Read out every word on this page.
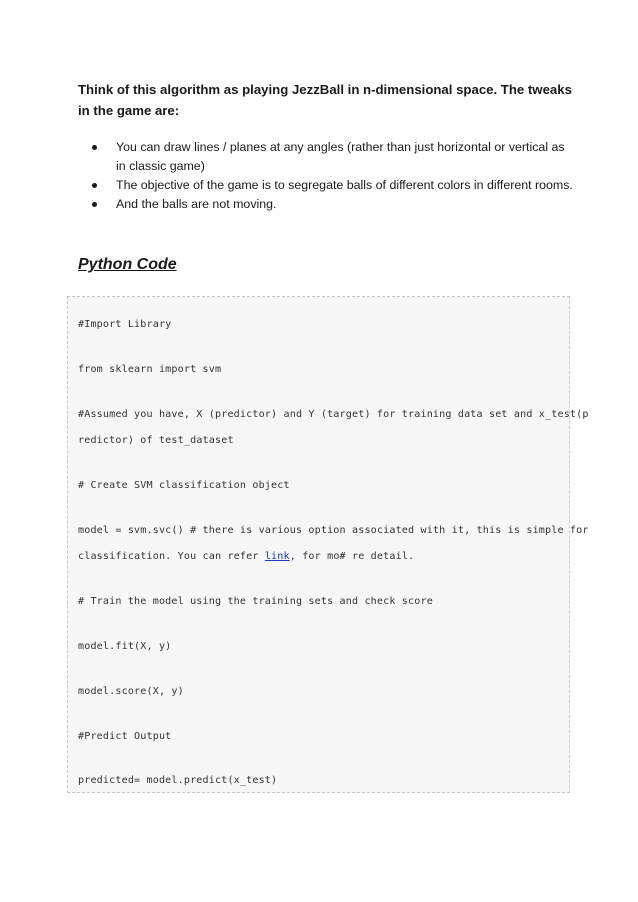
Think of this algorithm as playing JezzBall in n-dimensional space. The tweaks
in the game are:

You can draw lines / planes at any angles (rather than just horizontal or vertical as
in classic game)
The objective of the game is to segregate balls of different colors in different rooms.
And the balls are not moving.
Python Code
#Import Library
from sklearn import svm
#Assumed you have, X (predictor) and Y (target) for training data set and x_test(p
redictor) of test_dataset
# Create SVM classification object
model = svm.svc() # there is various option associated with it, this is simple for
classification. You can refer link, for mo# re detail.
# Train the model using the training sets and check score
model.fit(X, y)
model.score(X, y)
#Predict Output
predicted= model.predict(x_test)
